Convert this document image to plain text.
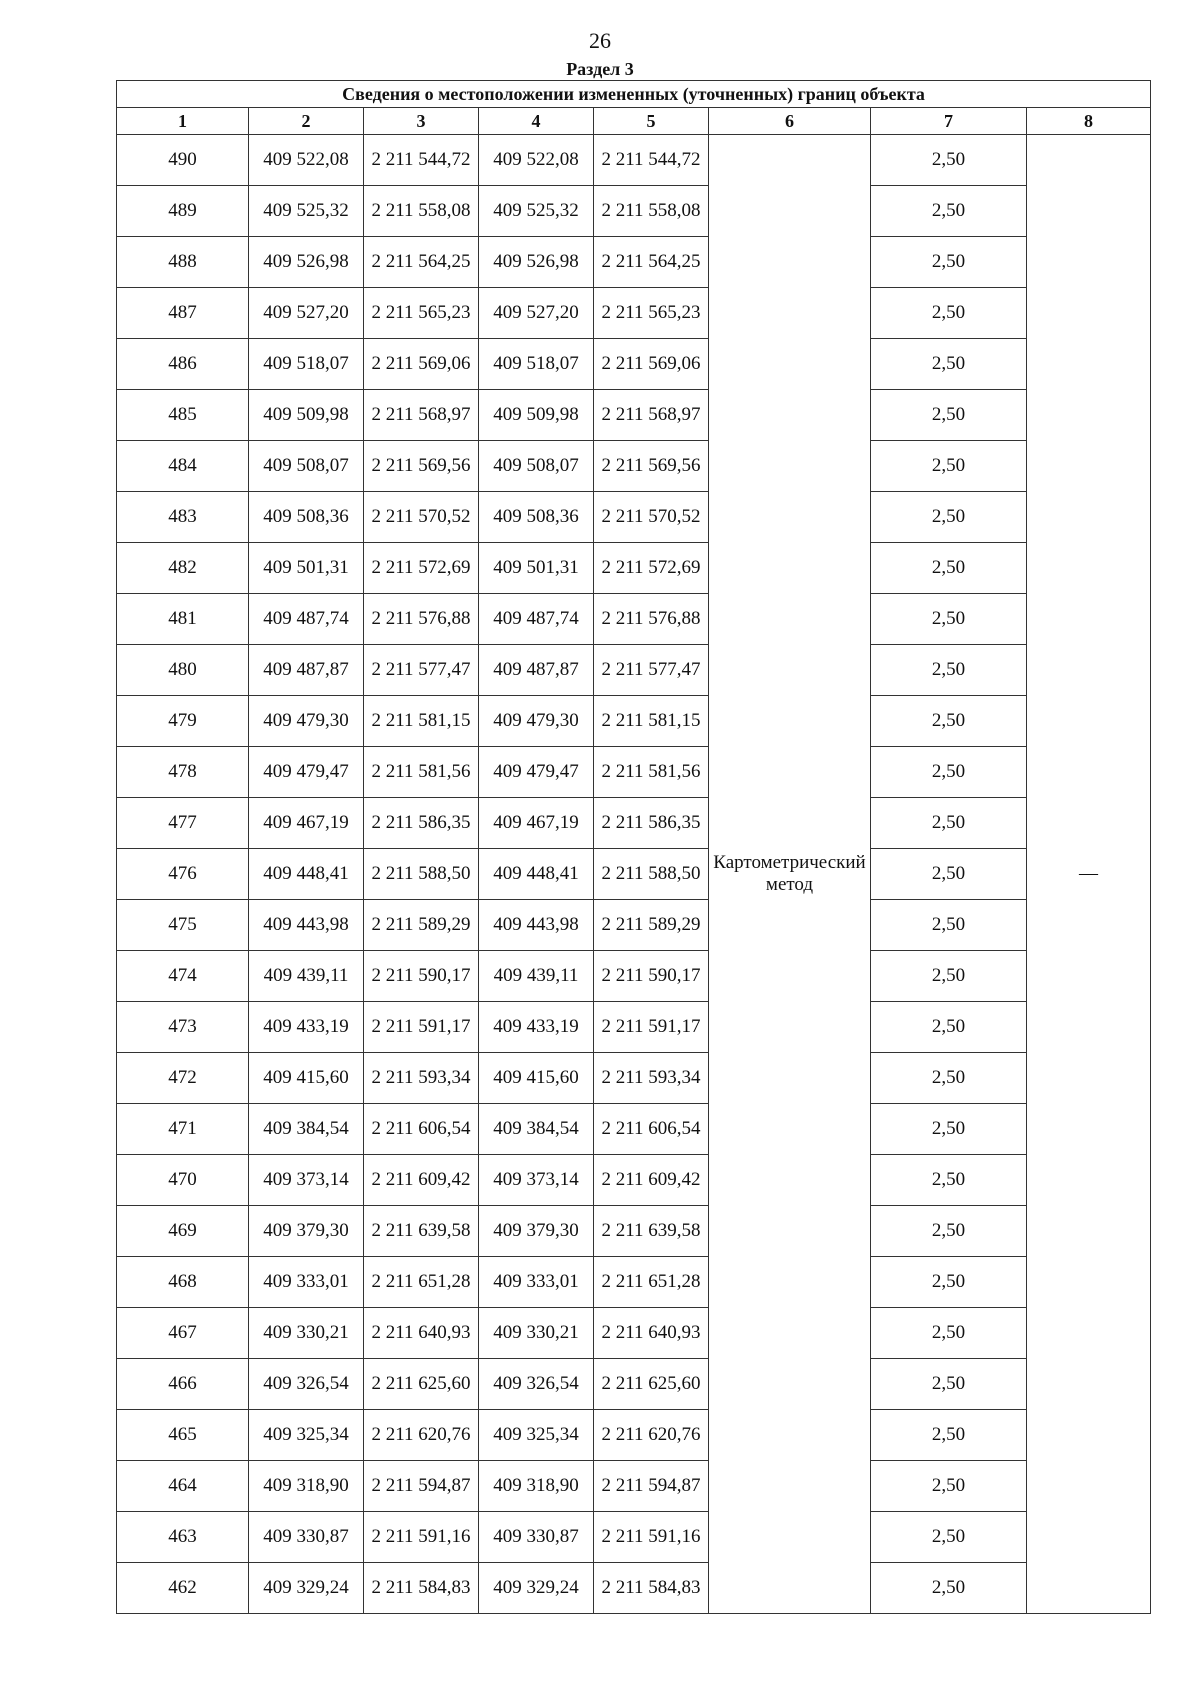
26
Раздел 3
Сведения о местоположении измененных (уточненных) границ объекта							
1	2	3	4	5	6	7	8
490	409 522,08	2 211 544,72	409 522,08	2 211 544,72	Картометрический метод	2,50	—
489	409 525,32	2 211 558,08	409 525,32	2 211 558,08		2,50	
488	409 526,98	2 211 564,25	409 526,98	2 211 564,25		2,50	
487	409 527,20	2 211 565,23	409 527,20	2 211 565,23		2,50	
486	409 518,07	2 211 569,06	409 518,07	2 211 569,06		2,50	
485	409 509,98	2 211 568,97	409 509,98	2 211 568,97		2,50	
484	409 508,07	2 211 569,56	409 508,07	2 211 569,56		2,50	
483	409 508,36	2 211 570,52	409 508,36	2 211 570,52		2,50	
482	409 501,31	2 211 572,69	409 501,31	2 211 572,69		2,50	
481	409 487,74	2 211 576,88	409 487,74	2 211 576,88		2,50	
480	409 487,87	2 211 577,47	409 487,87	2 211 577,47		2,50	
479	409 479,30	2 211 581,15	409 479,30	2 211 581,15		2,50	
478	409 479,47	2 211 581,56	409 479,47	2 211 581,56		2,50	
477	409 467,19	2 211 586,35	409 467,19	2 211 586,35		2,50	
476	409 448,41	2 211 588,50	409 448,41	2 211 588,50		2,50	
475	409 443,98	2 211 589,29	409 443,98	2 211 589,29		2,50	
474	409 439,11	2 211 590,17	409 439,11	2 211 590,17		2,50	
473	409 433,19	2 211 591,17	409 433,19	2 211 591,17		2,50	
472	409 415,60	2 211 593,34	409 415,60	2 211 593,34		2,50	
471	409 384,54	2 211 606,54	409 384,54	2 211 606,54		2,50	
470	409 373,14	2 211 609,42	409 373,14	2 211 609,42		2,50	
469	409 379,30	2 211 639,58	409 379,30	2 211 639,58		2,50	
468	409 333,01	2 211 651,28	409 333,01	2 211 651,28		2,50	
467	409 330,21	2 211 640,93	409 330,21	2 211 640,93		2,50	
466	409 326,54	2 211 625,60	409 326,54	2 211 625,60		2,50	
465	409 325,34	2 211 620,76	409 325,34	2 211 620,76		2,50	
464	409 318,90	2 211 594,87	409 318,90	2 211 594,87		2,50	
463	409 330,87	2 211 591,16	409 330,87	2 211 591,16		2,50	
462	409 329,24	2 211 584,83	409 329,24	2 211 584,83		2,50	
